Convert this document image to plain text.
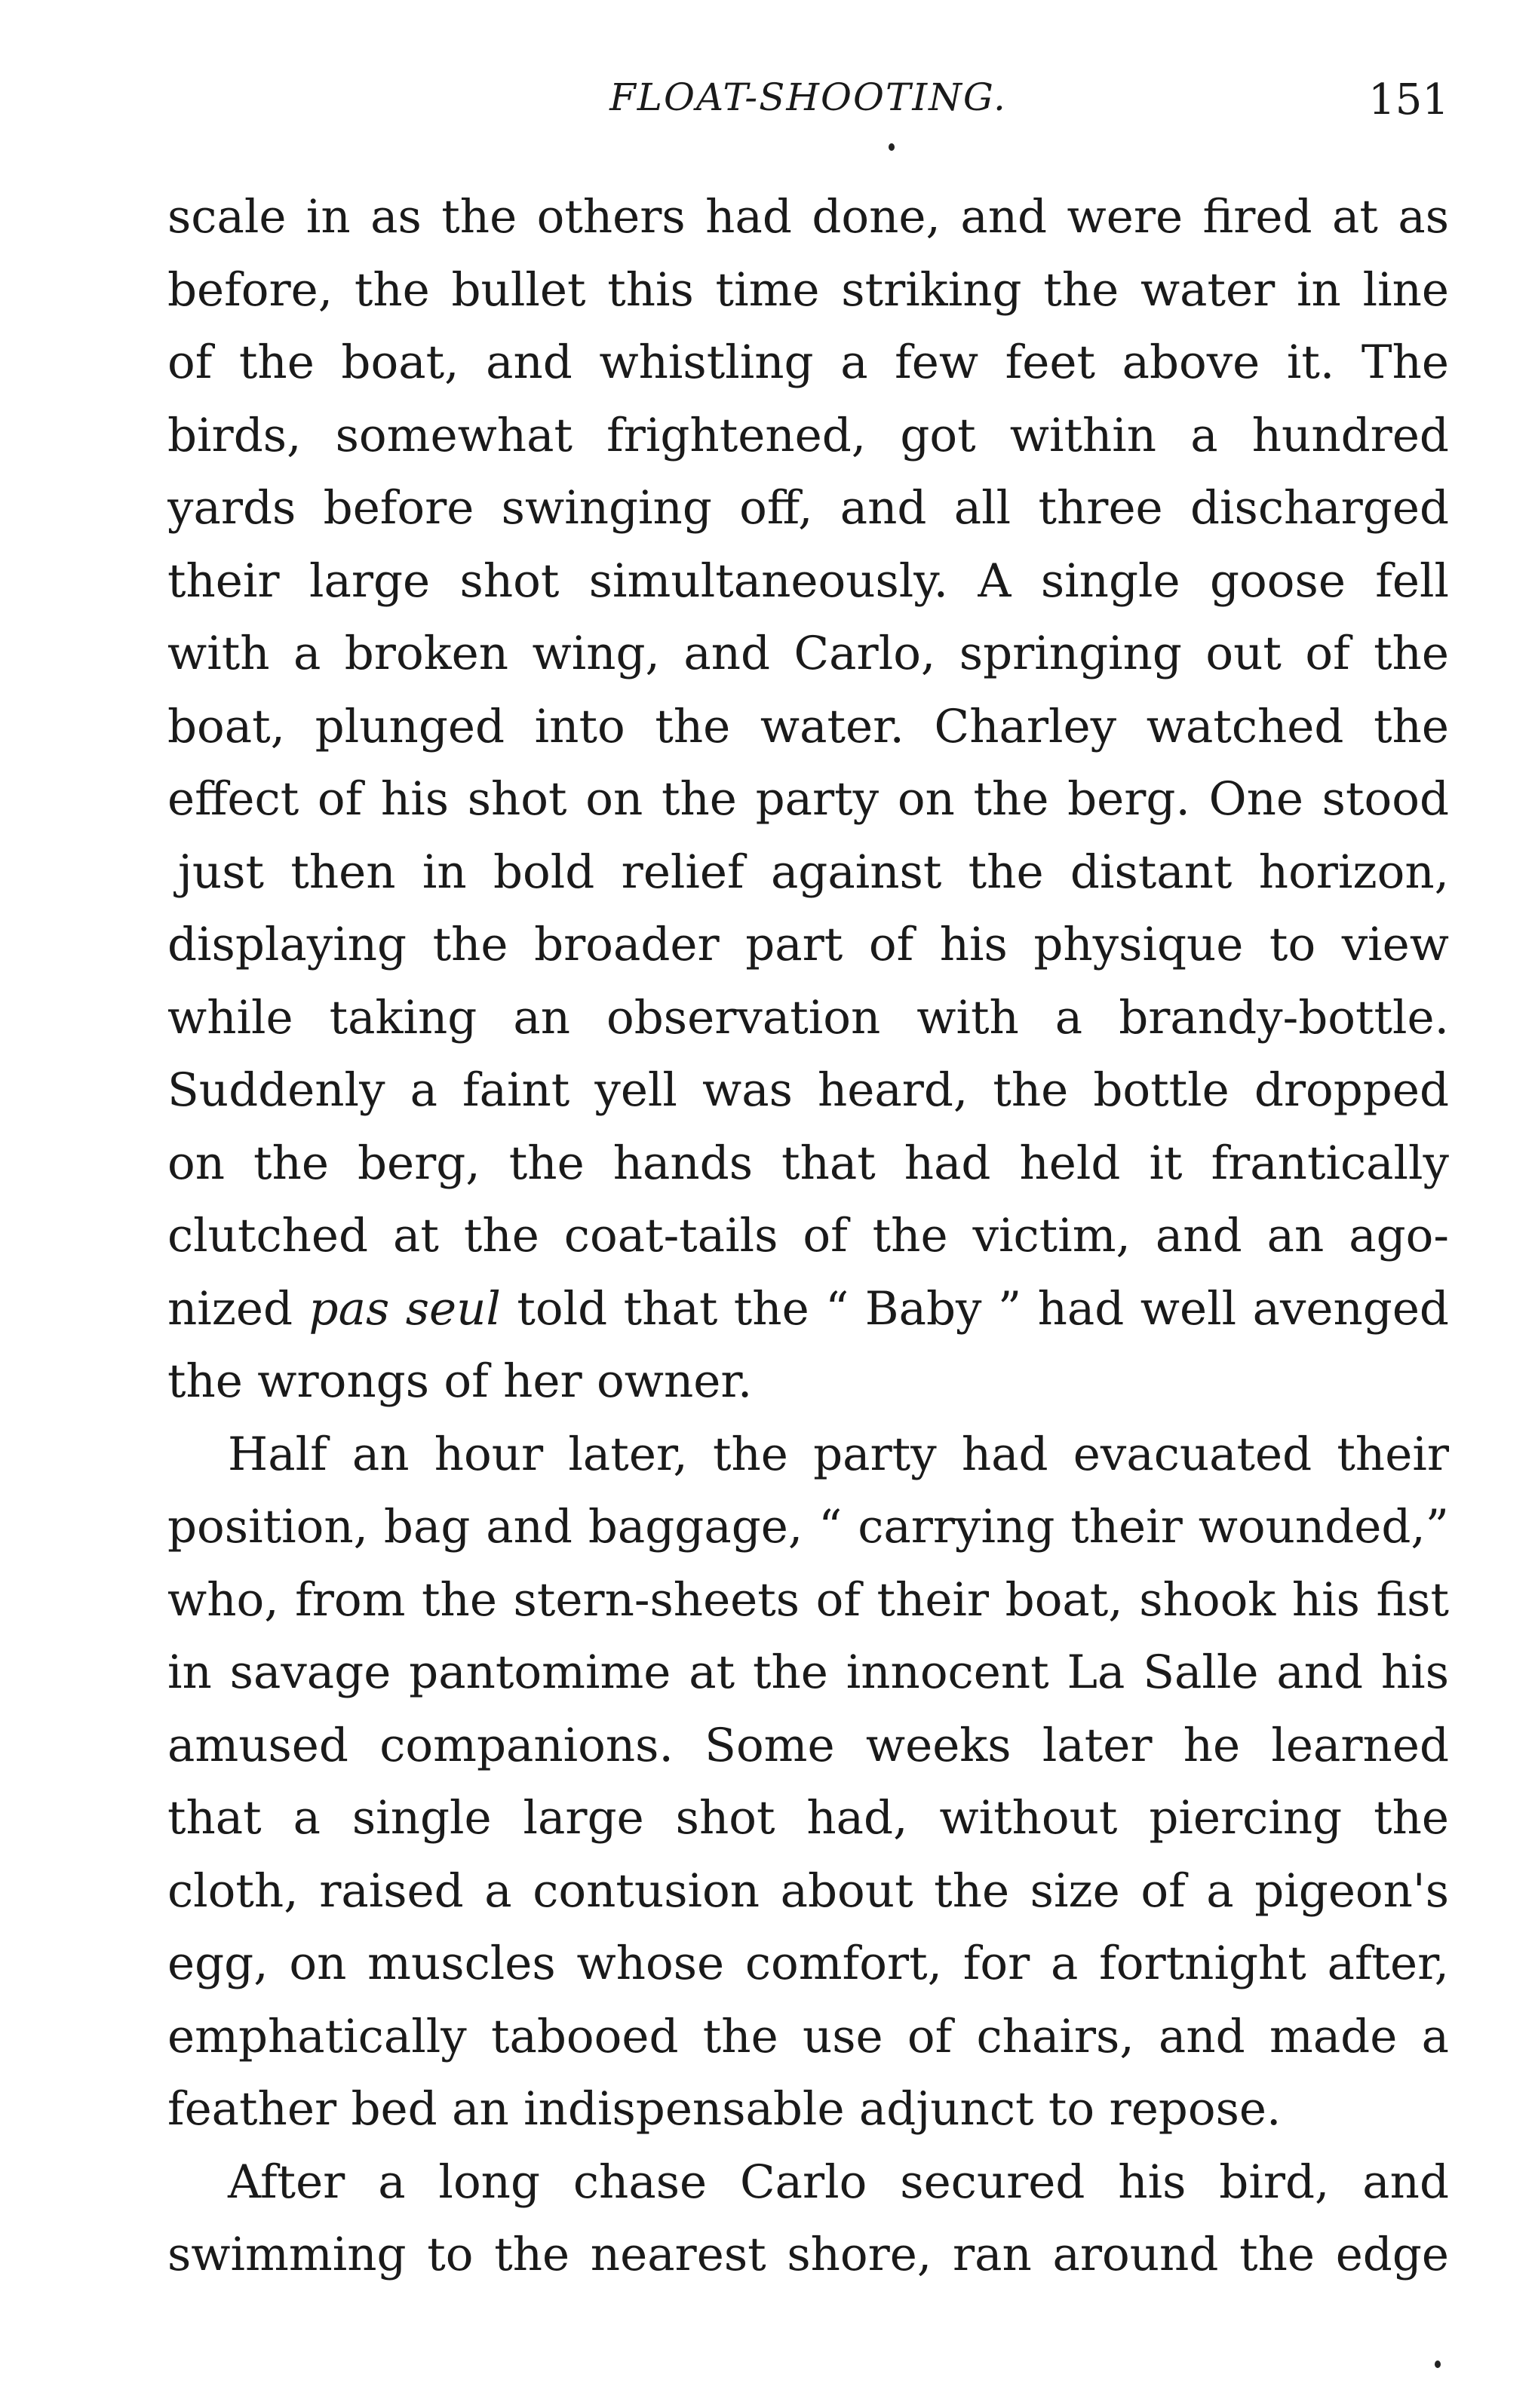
FLOAT-SHOOTING.	151
scale in as the others had done, and were fired at as
before, the bullet this time striking the water in line
of the boat, and whistling a few feet above it. The
birds, somewhat frightened, got within a hundred
yards before swinging off, and all three discharged
their large shot simultaneously. A single goose fell
with a broken wing, and Carlo, springing out of the
boat, plunged into the water. Charley watched the
effect of his shot on the party on the berg. One stood
just then in bold relief against the distant horizon,
displaying the broader part of his physique to view
while taking an observation with a brandy-bottle.
Suddenly a faint yell was heard, the bottle dropped
on the berg, the hands that had held it frantically
clutched at the coat-tails of the victim, and an ago-
nized pas seul told that the “ Baby ” had well avenged
the wrongs of her owner.
Half an hour later, the party had evacuated their
position, bag and baggage, “ carrying their wounded,”
who, from the stern-sheets of their boat, shook his fist
in savage pantomime at the innocent La Salle and his
amused companions. Some weeks later he learned
that a single large shot had, without piercing the
cloth, raised a contusion about the size of a pigeon's
egg, on muscles whose comfort, for a fortnight after,
emphatically tabooed the use of chairs, and made a
feather bed an indispensable adjunct to repose.
After a long chase Carlo secured his bird, and
swimming to the nearest shore, ran around the edge
